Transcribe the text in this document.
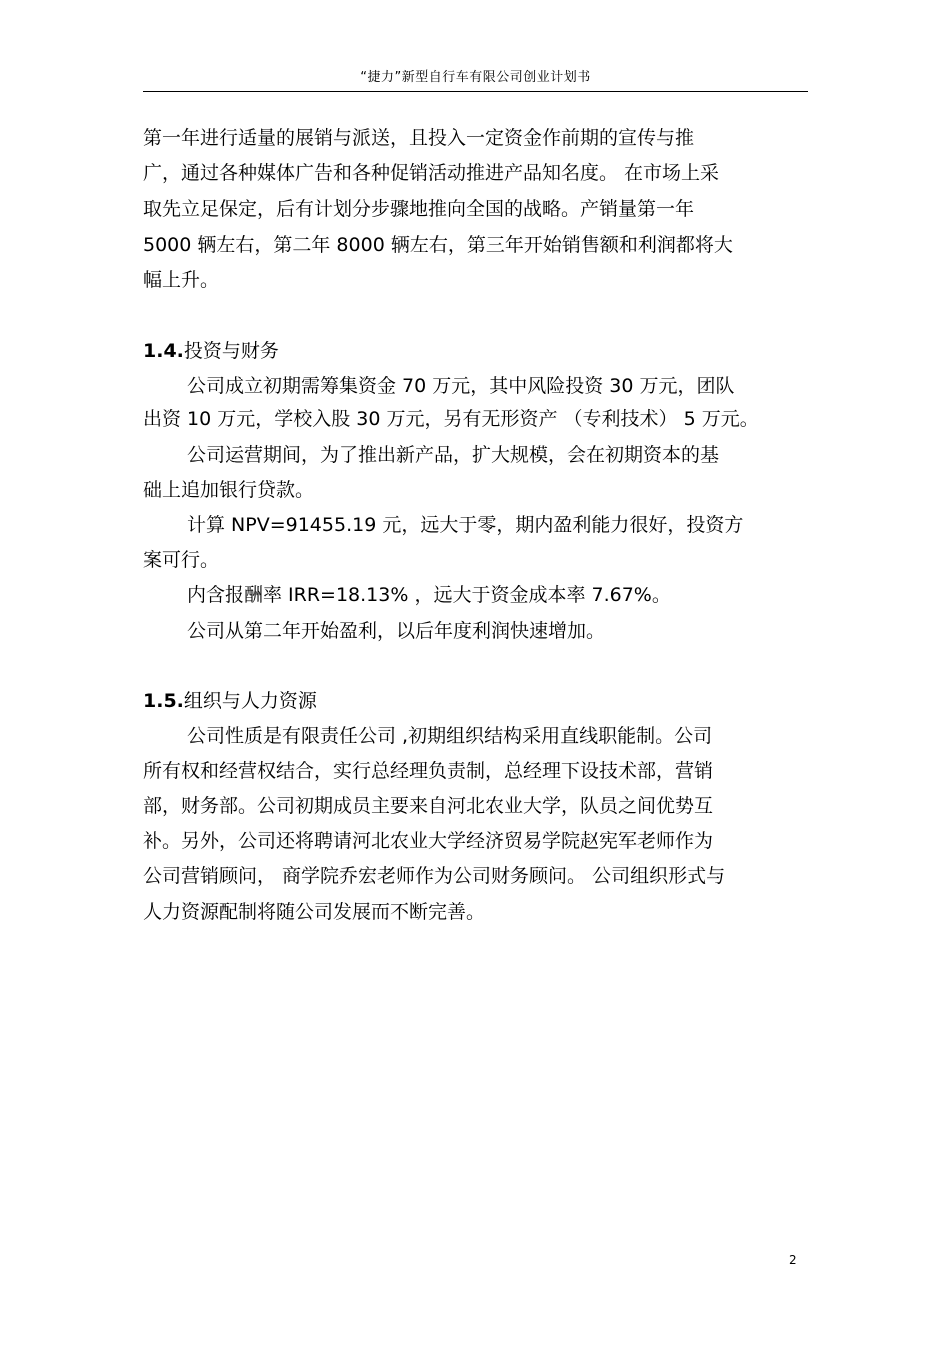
“捷力”新型自行车有限公司创业计划书
第一年进行适量的展销与派送，且投入一定资金作前期的宣传与推
广，通过各种媒体广告和各种促销活动推进产品知名度。 在市场上采
取先立足保定，后有计划分步骤地推向全国的战略。产销量第一年
5000 辆左右，第二年 8000 辆左右，第三年开始销售额和利润都将大
幅上升。
1.4.投资与财务
公司成立初期需筹集资金 70 万元，其中风险投资 30 万元，团队
出资 10 万元，学校入股 30 万元，另有无形资产 （专利技术） 5 万元。
公司运营期间，为了推出新产品，扩大规模，会在初期资本的基
础上追加银行贷款。
计算 NPV=91455.19 元，远大于零，期内盈利能力很好，投资方
案可行。
内含报酬率 IRR=18.13% ，远大于资金成本率 7.67%。
公司从第二年开始盈利，以后年度利润快速增加。
1.5.组织与人力资源
公司性质是有限责任公司 ,初期组织结构采用直线职能制。公司
所有权和经营权结合，实行总经理负责制，总经理下设技术部，营销
部，财务部。公司初期成员主要来自河北农业大学，队员之间优势互
补。另外，公司还将聘请河北农业大学经济贸易学院赵宪军老师作为
公司营销顾问， 商学院乔宏老师作为公司财务顾问。 公司组织形式与
人力资源配制将随公司发展而不断完善。
2
